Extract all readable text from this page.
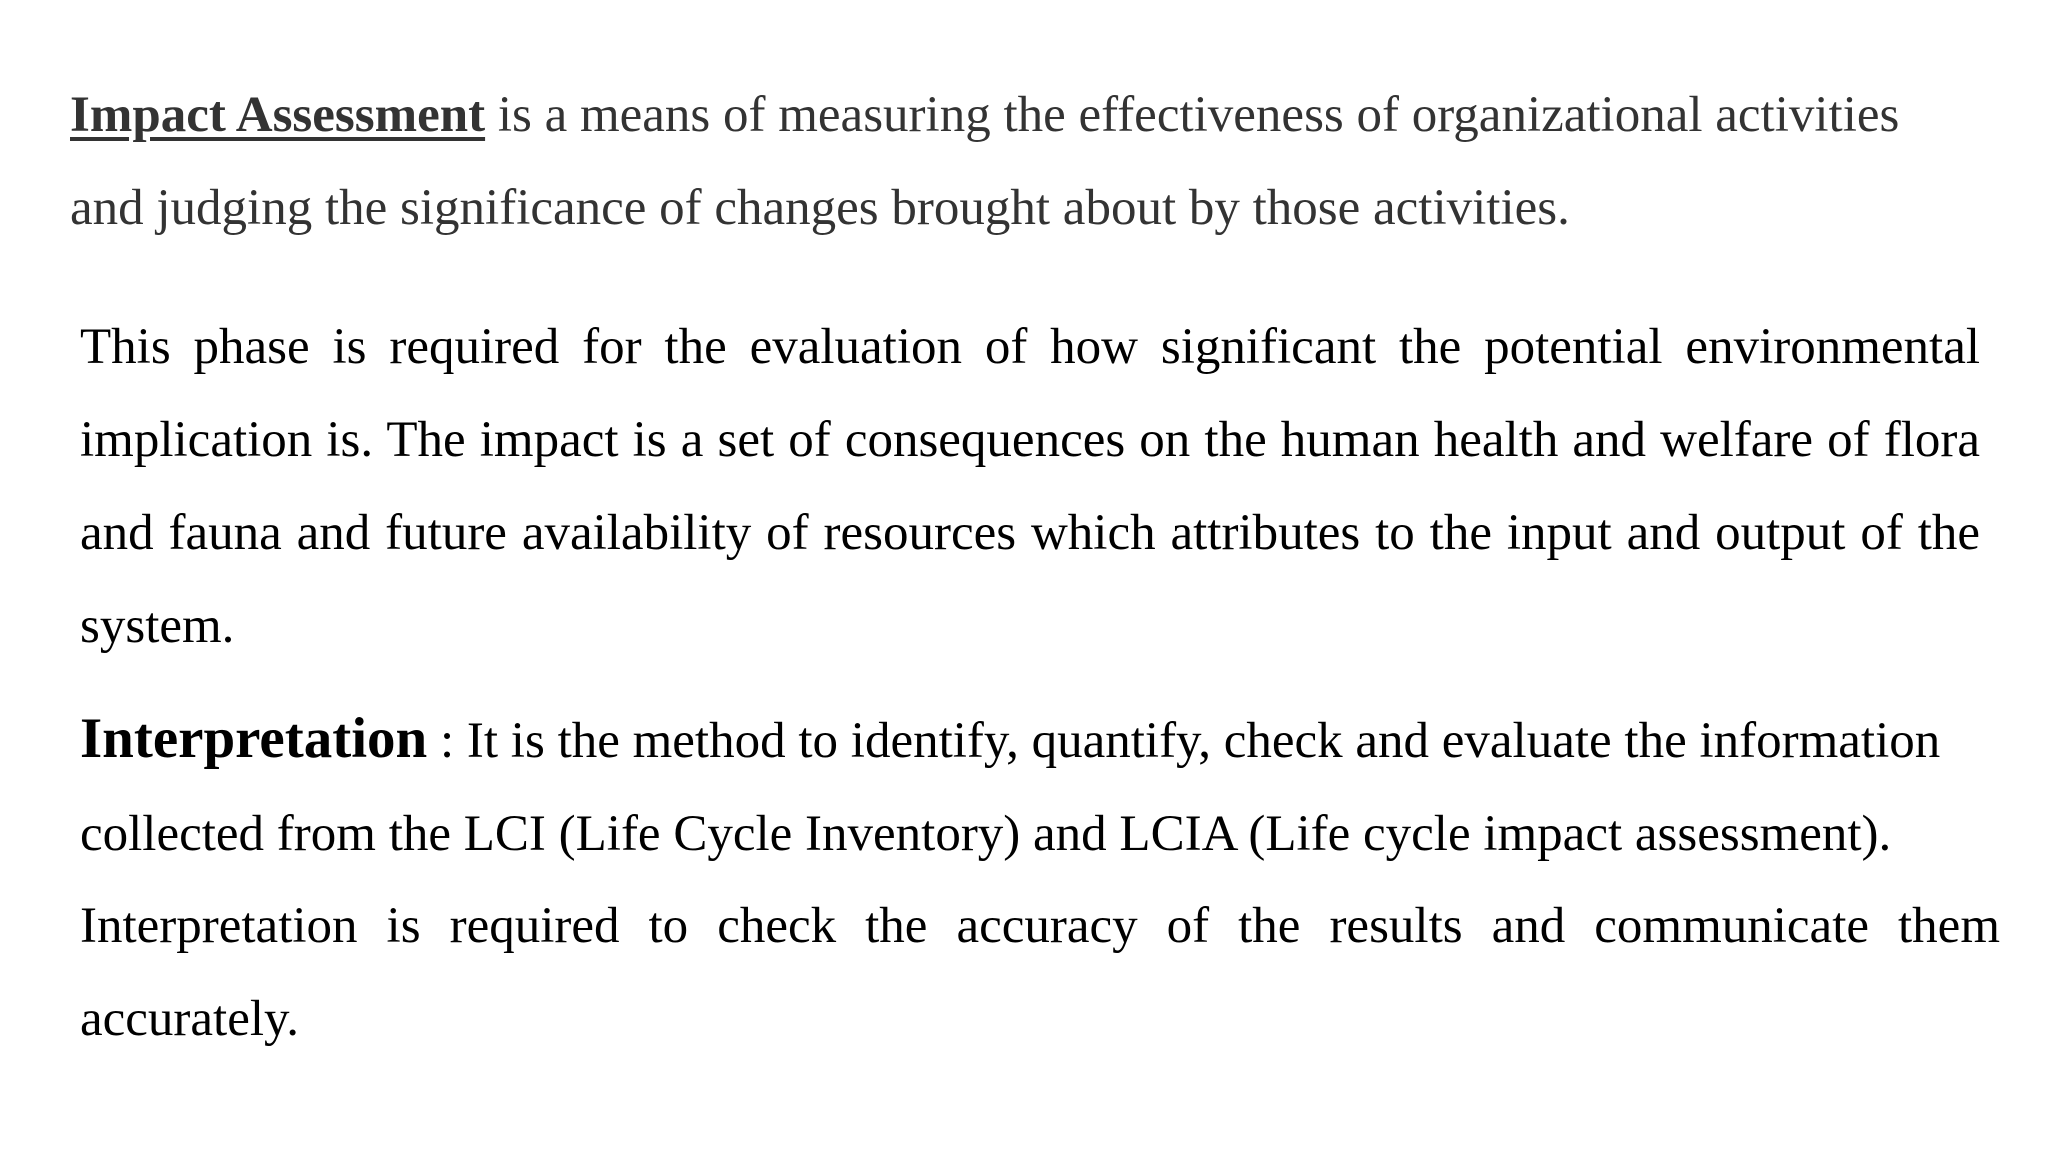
Impact Assessment is a means of measuring the effectiveness of organizational activities and judging the significance of changes brought about by those activities.

This phase is required for the evaluation of how significant the potential environmental implication is. The impact is a set of consequences on the human health and welfare of flora and fauna and future availability of resources which attributes to the input and output of the system.

Interpretation : It is the method to identify, quantify, check and evaluate the information collected from the LCI (Life Cycle Inventory) and LCIA (Life cycle impact assessment).

Interpretation is required to check the accuracy of the results and communicate them accurately.
